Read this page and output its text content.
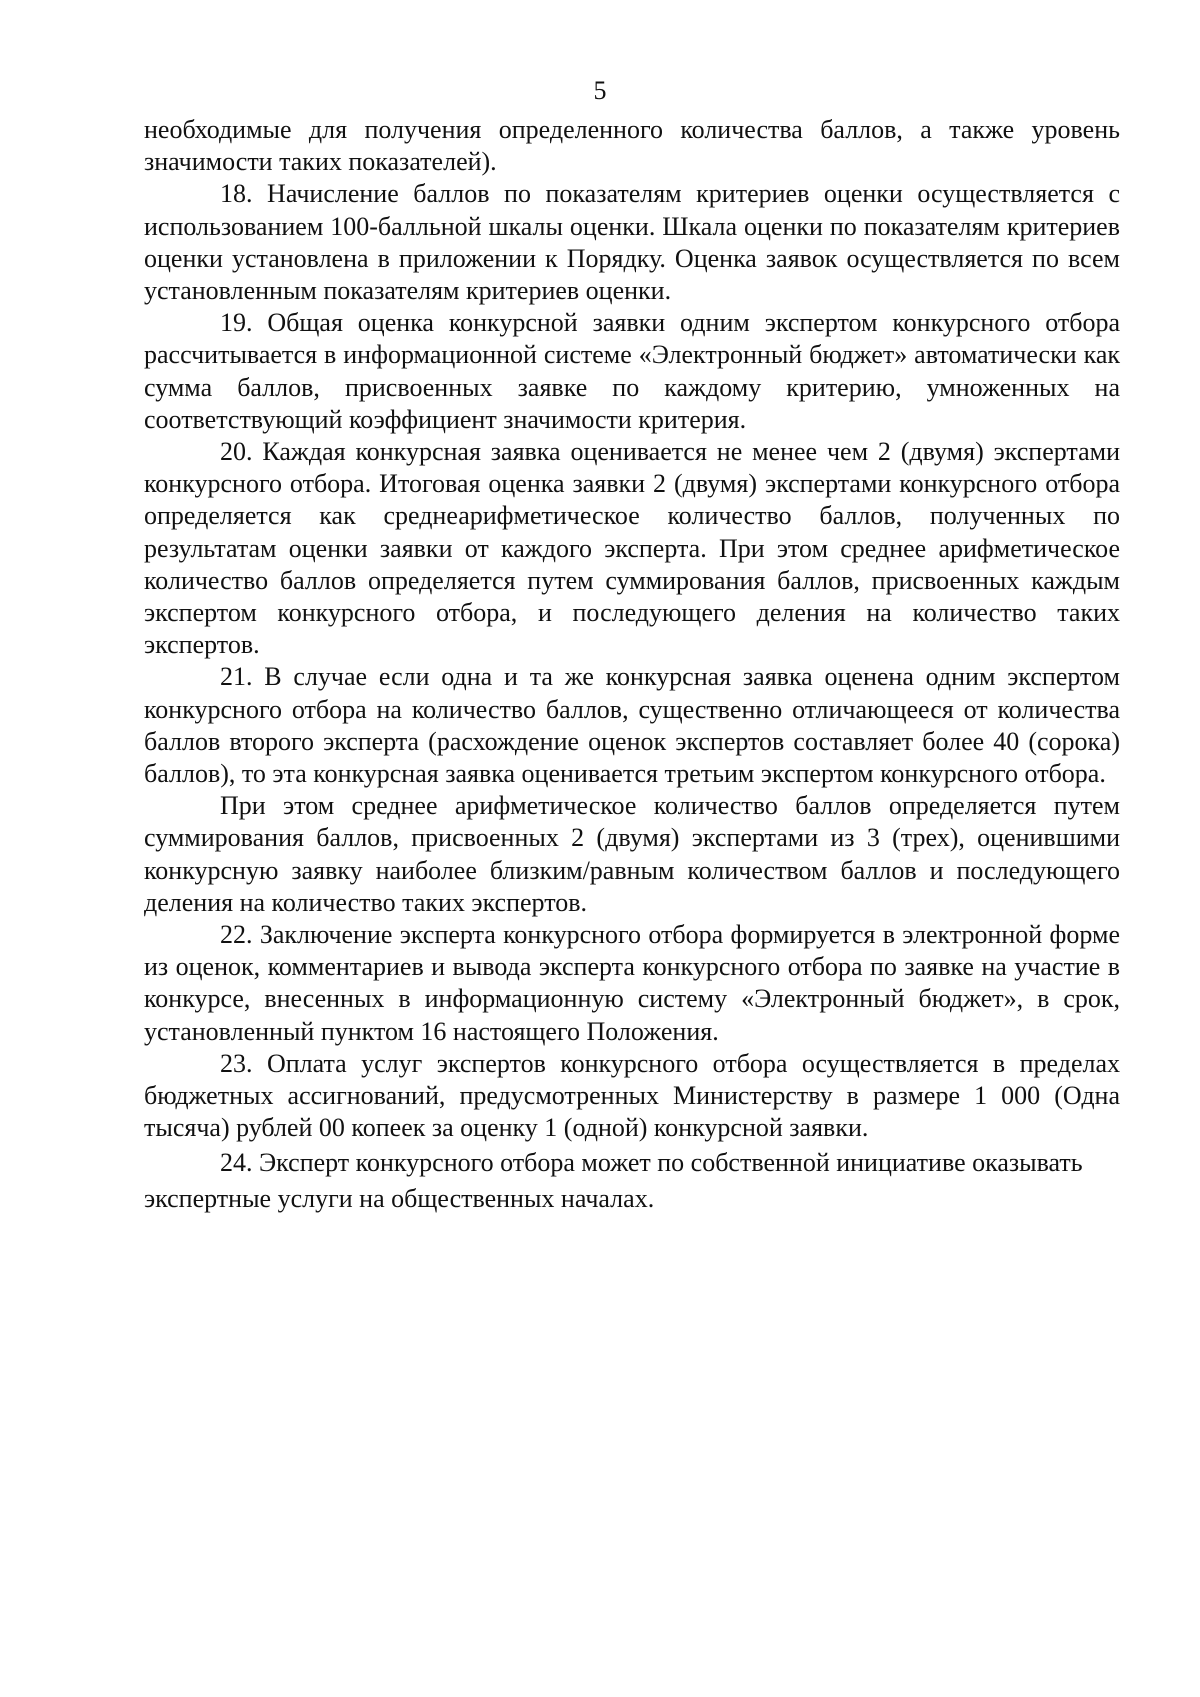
5

необходимые для получения определенного количества баллов, а также уровень значимости таких показателей).

18. Начисление баллов по показателям критериев оценки осуществляется с использованием 100-балльной шкалы оценки. Шкала оценки по показателям критериев оценки установлена в приложении к Порядку. Оценка заявок осуществляется по всем установленным показателям критериев оценки.

19. Общая оценка конкурсной заявки одним экспертом конкурсного отбора рассчитывается в информационной системе «Электронный бюджет» автоматически как сумма баллов, присвоенных заявке по каждому критерию, умноженных на соответствующий коэффициент значимости критерия.

20. Каждая конкурсная заявка оценивается не менее чем 2 (двумя) экспертами конкурсного отбора. Итоговая оценка заявки 2 (двумя) экспертами конкурсного отбора определяется как среднеарифметическое количество баллов, полученных по результатам оценки заявки от каждого эксперта. При этом среднее арифметическое количество баллов определяется путем суммирования баллов, присвоенных каждым экспертом конкурсного отбора, и последующего деления на количество таких экспертов.

21. В случае если одна и та же конкурсная заявка оценена одним экспертом конкурсного отбора на количество баллов, существенно отличающееся от количества баллов второго эксперта (расхождение оценок экспертов составляет более 40 (сорока) баллов), то эта конкурсная заявка оценивается третьим экспертом конкурсного отбора.

При этом среднее арифметическое количество баллов определяется путем суммирования баллов, присвоенных 2 (двумя) экспертами из 3 (трех), оценившими конкурсную заявку наиболее близким/равным количеством баллов и последующего деления на количество таких экспертов.

22. Заключение эксперта конкурсного отбора формируется в электронной форме из оценок, комментариев и вывода эксперта конкурсного отбора по заявке на участие в конкурсе, внесенных в информационную систему «Электронный бюджет», в срок, установленный пунктом 16 настоящего Положения.

23. Оплата услуг экспертов конкурсного отбора осуществляется в пределах бюджетных ассигнований, предусмотренных Министерству в размере 1 000 (Одна тысяча) рублей 00 копеек за оценку 1 (одной) конкурсной заявки.

24. Эксперт конкурсного отбора может по собственной инициативе оказывать экспертные услуги на общественных началах.
